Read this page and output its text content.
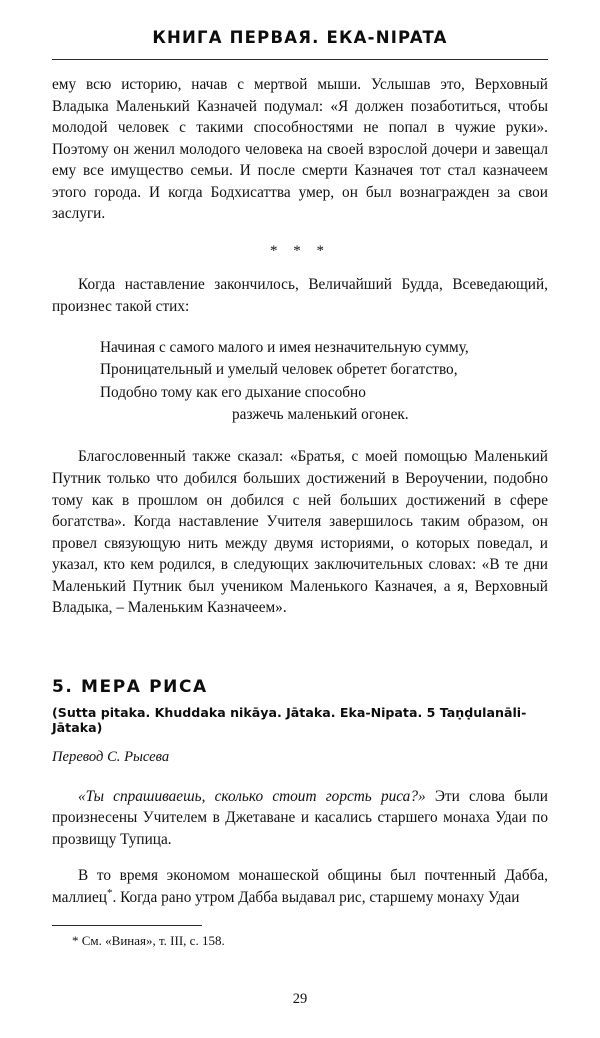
КНИГА ПЕРВАЯ. ЕКА-NIPATA

ему всю историю, начав с мертвой мыши. Услышав это, Верховный Владыка Маленький Казначей подумал: «Я должен позаботиться, чтобы молодой человек с такими способностями не попал в чужие руки». Поэтому он женил молодого человека на своей взрослой дочери и завещал ему все имущество семьи. И после смерти Казначея тот стал казначеем этого города. И когда Бодхисаттва умер, он был вознагражден за свои заслуги.

* * *

Когда наставление закончилось, Величайший Будда, Всеведающий, произнес такой стих:

Начиная с самого малого и имея незначительную сумму,
Проницательный и умелый человек обретет богатство,
Подобно тому как его дыхание способно
разжечь маленький огонек.

Благословенный также сказал: «Братья, с моей помощью Маленький Путник только что добился больших достижений в Вероучении, подобно тому как в прошлом он добился с ней больших достижений в сфере богатства». Когда наставление Учителя завершилось таким образом, он провел связующую нить между двумя историями, о которых поведал, и указал, кто кем родился, в следующих заключительных словах: «В те дни Маленький Путник был учеником Маленького Казначея, а я, Верховный Владыка, – Маленьким Казначеем».

5. МЕРА РИСА
(Sutta pitaka. Khuddaka nikāya. Jātaka. Eka-Nipata. 5 Taṇḍulanāli-Jātaka)
Перевод С. Рысева

«Ты спрашиваешь, сколько стоит горсть риса?» Эти слова были произнесены Учителем в Джетаване и касались старшего монаха Удаи по прозвищу Тупица.

В то время экономом монашеской общины был почтенный Дабба, маллиец*. Когда рано утром Дабба выдавал рис, старшему монаху Удаи

* См. «Виная», т. III, с. 158.

29
